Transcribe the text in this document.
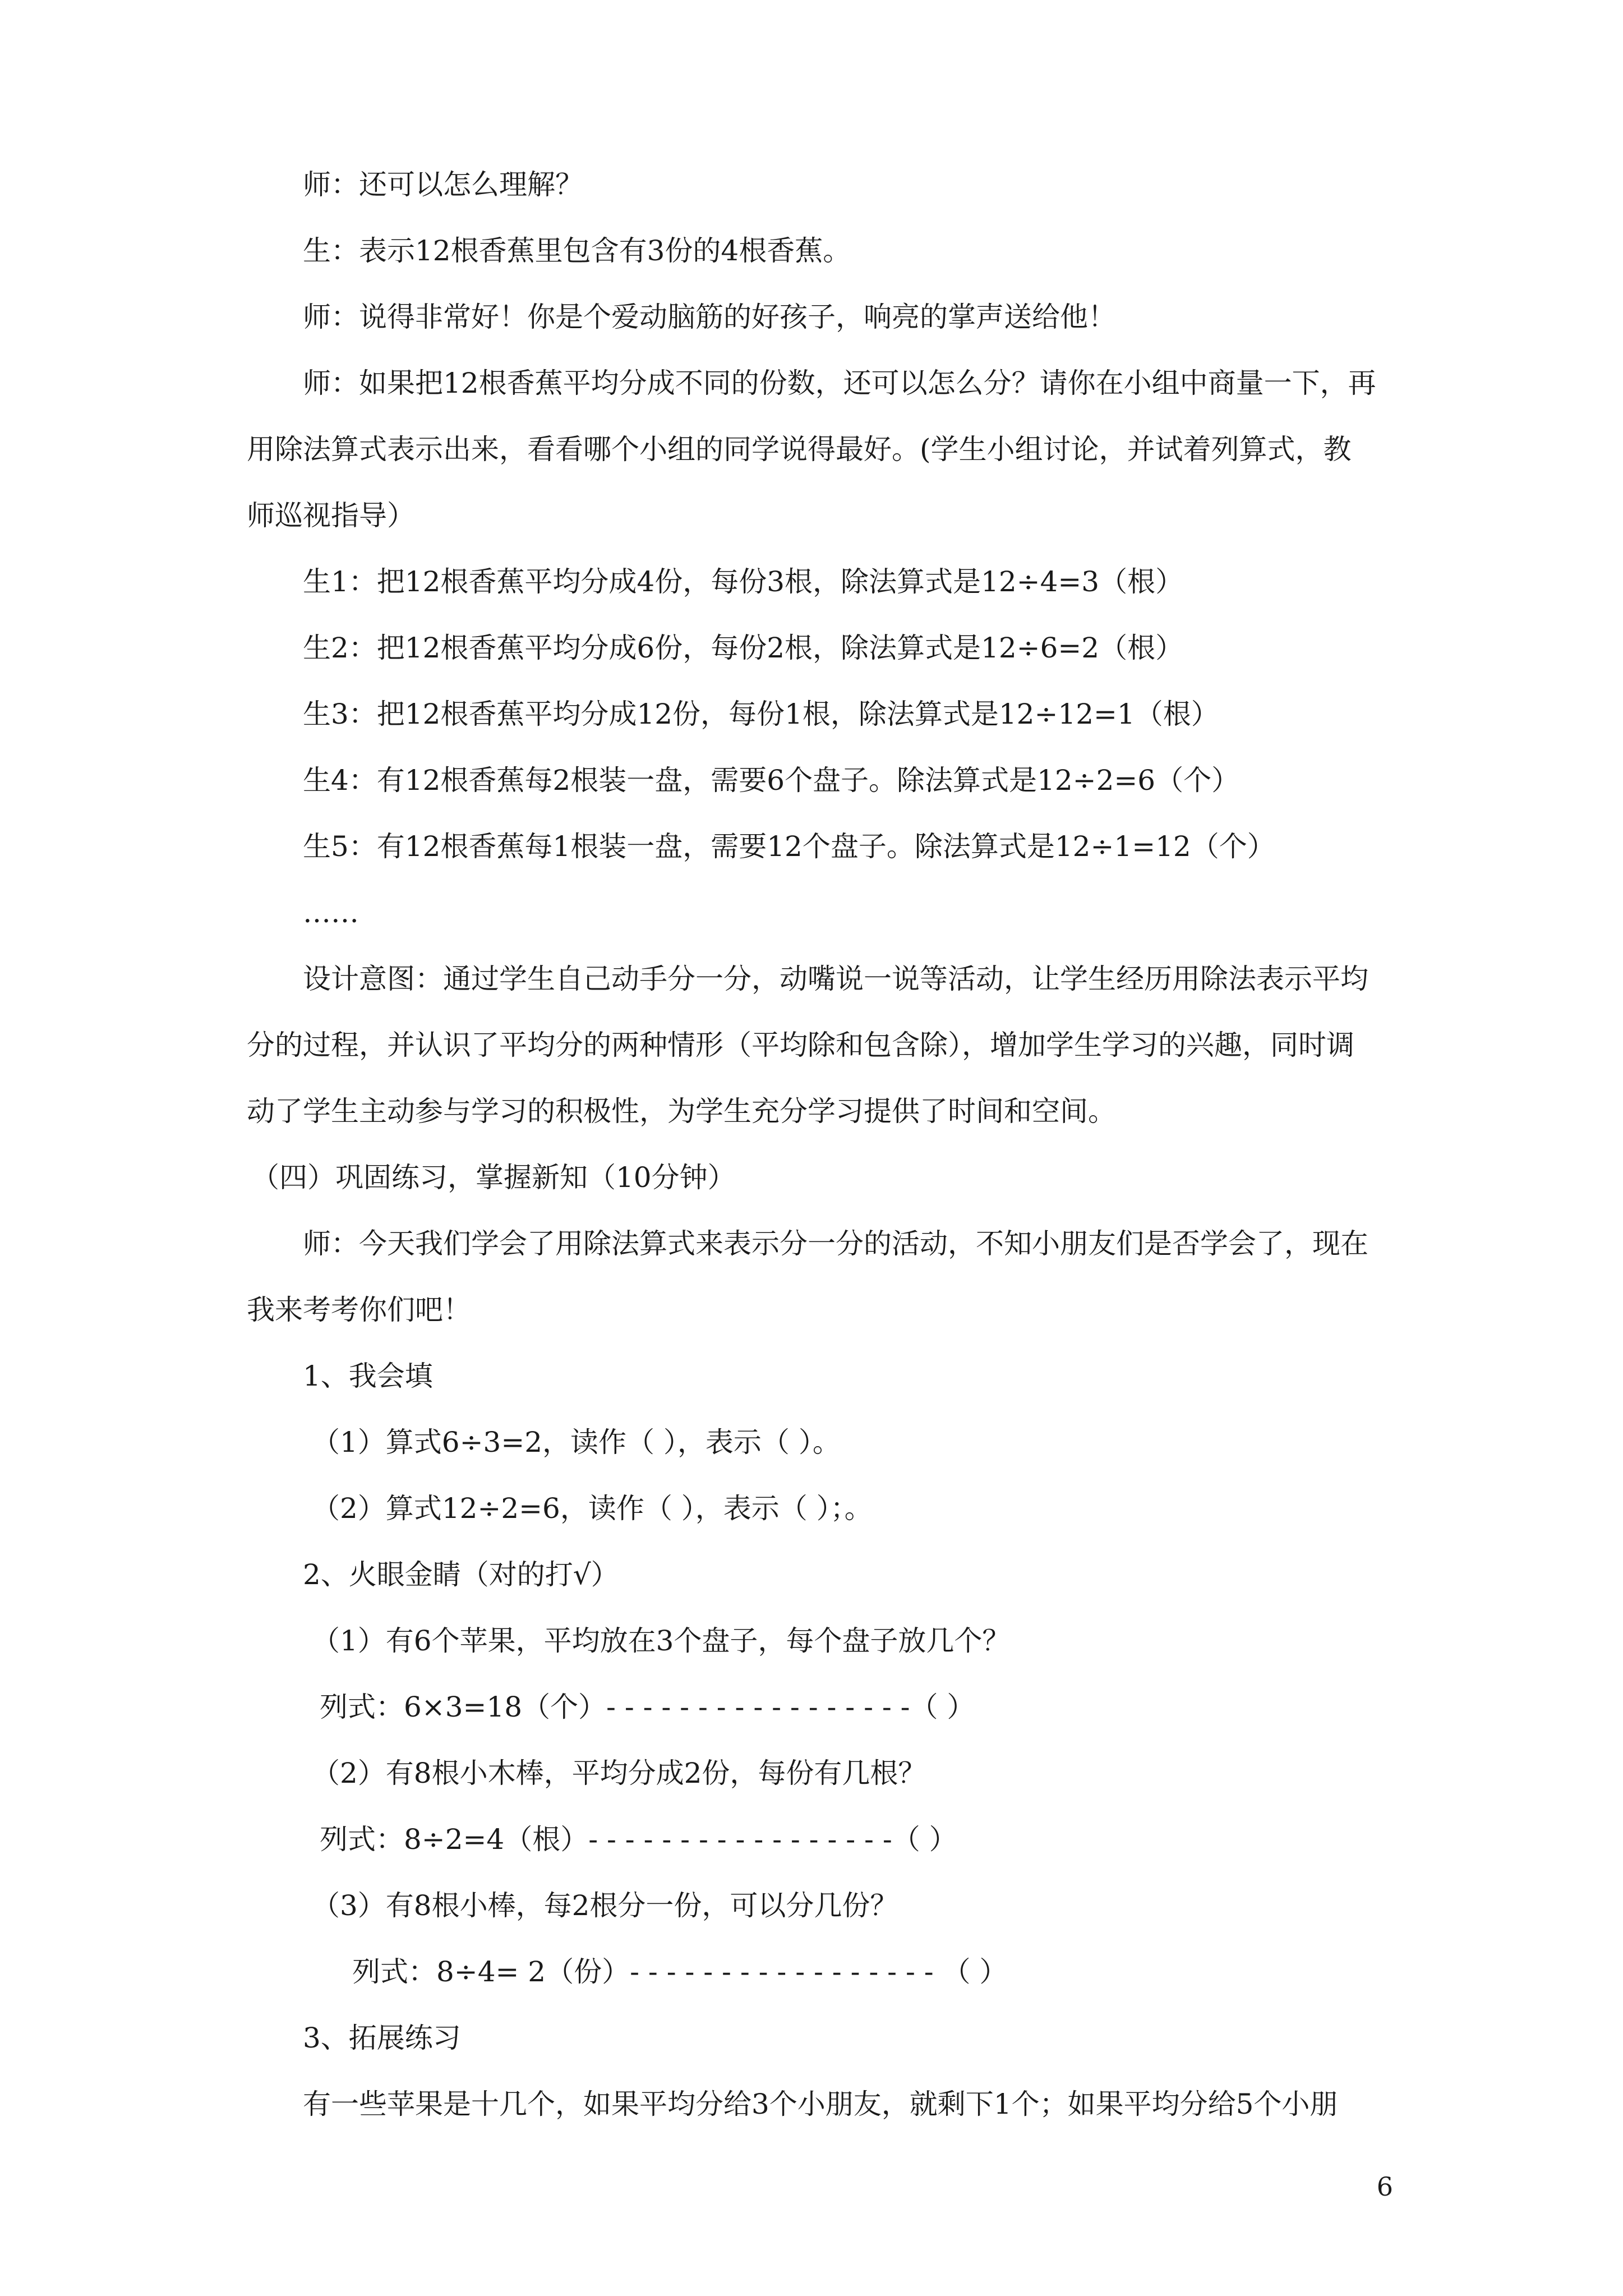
师：还可以怎么理解？

生：表示12根香蕉里包含有3份的4根香蕉。

师：说得非常好！你是个爱动脑筋的好孩子，响亮的掌声送给他！

师：如果把12根香蕉平均分成不同的份数，还可以怎么分？请你在小组中商量一下，再

用除法算式表示出来，看看哪个小组的同学说得最好。(学生小组讨论，并试着列算式，教

师巡视指导）

生1：把12根香蕉平均分成4份，每份3根，除法算式是12÷4=3（根）

生2：把12根香蕉平均分成6份，每份2根，除法算式是12÷6=2（根）

生3：把12根香蕉平均分成12份，每份1根，除法算式是12÷12=1（根）

生4：有12根香蕉每2根装一盘，需要6个盘子。除法算式是12÷2=6（个）

生5：有12根香蕉每1根装一盘，需要12个盘子。除法算式是12÷1=12（个）

……

设计意图：通过学生自己动手分一分，动嘴说一说等活动，让学生经历用除法表示平均

分的过程，并认识了平均分的两种情形（平均除和包含除），增加学生学习的兴趣，同时调

动了学生主动参与学习的积极性，为学生充分学习提供了时间和空间。

（四）巩固练习，掌握新知（10分钟）

师：今天我们学会了用除法算式来表示分一分的活动，不知小朋友们是否学会了，现在

我来考考你们吧！

1、我会填

（1）算式6÷3=2，读作（ ），表示（ ）。

（2）算式12÷2=6，读作（ ），表示（ ）；。

2、火眼金睛（对的打√）

（1）有6个苹果，平均放在3个盘子，每个盘子放几个？

列式：6×3=18（个）- - - - - - - - - - - - - - - - -（ ）

（2）有8根小木棒，平均分成2份，每份有几根？

列式：8÷2=4（根）- - - - - - - - - - - - - - - - -（ ）

（3）有8根小棒，每2根分一份，可以分几份？

列式：8÷4= 2（份）- - - - - - - - - - - - - - - - - （ ）

3、拓展练习

有一些苹果是十几个，如果平均分给3个小朋友，就剩下1个；如果平均分给5个小朋

6
